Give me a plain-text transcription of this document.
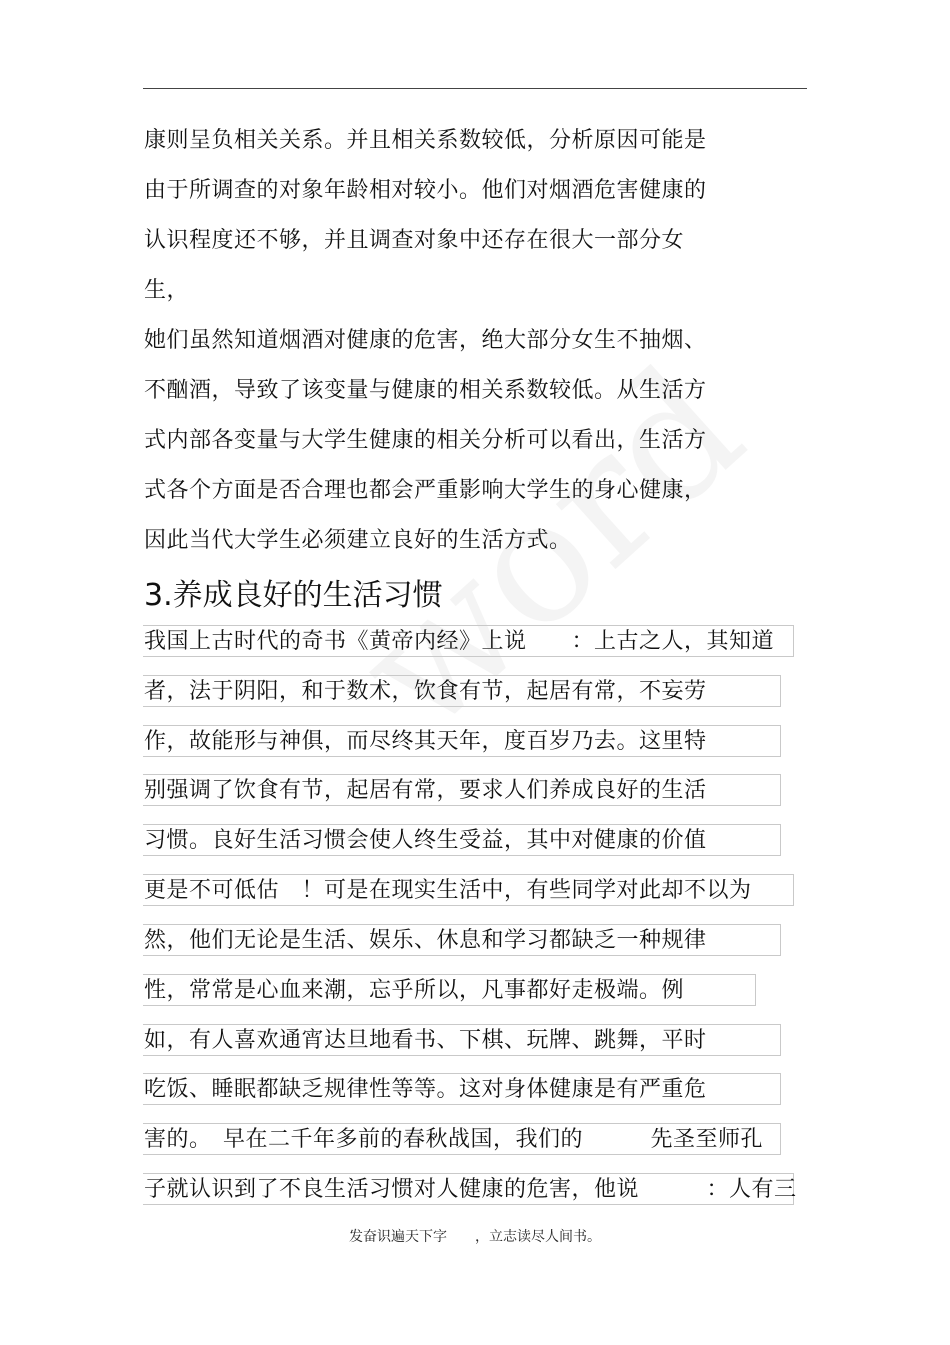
康则呈负相关关系。并且相关系数较低，分析原因可能是
由于所调查的对象年龄相对较小。他们对烟酒危害健康的
认识程度还不够，并且调查对象中还存在很大一部分女
生，
她们虽然知道烟酒对健康的危害，绝大部分女生不抽烟、
不酗酒，导致了该变量与健康的相关系数较低。从生活方
式内部各变量与大学生健康的相关分析可以看出，生活方
式各个方面是否合理也都会严重影响大学生的身心健康，
因此当代大学生必须建立良好的生活方式。
3.养成良好的生活习惯
我国上古时代的奇书《黄帝内经》上说　　：上古之人，其知道
者，法于阴阳，和于数术，饮食有节，起居有常，不妄劳
作，故能形与神俱，而尽终其天年，度百岁乃去。这里特
别强调了饮食有节，起居有常，要求人们养成良好的生活
习惯。良好生活习惯会使人终生受益，其中对健康的价值
更是不可低估　！可是在现实生活中，有些同学对此却不以为
然，他们无论是生活、娱乐、休息和学习都缺乏一种规律
性，常常是心血来潮，忘乎所以，凡事都好走极端。例
如，有人喜欢通宵达旦地看书、下棋、玩牌、跳舞，平时
吃饭、睡眠都缺乏规律性等等。这对身体健康是有严重危
害的。　早在二千年多前的春秋战国，我们的　　　先圣至师孔
子就认识到了不良生活习惯对人健康的危害，他说　　　：人有三
发奋识遍天下字　　，立志读尽人间书。
